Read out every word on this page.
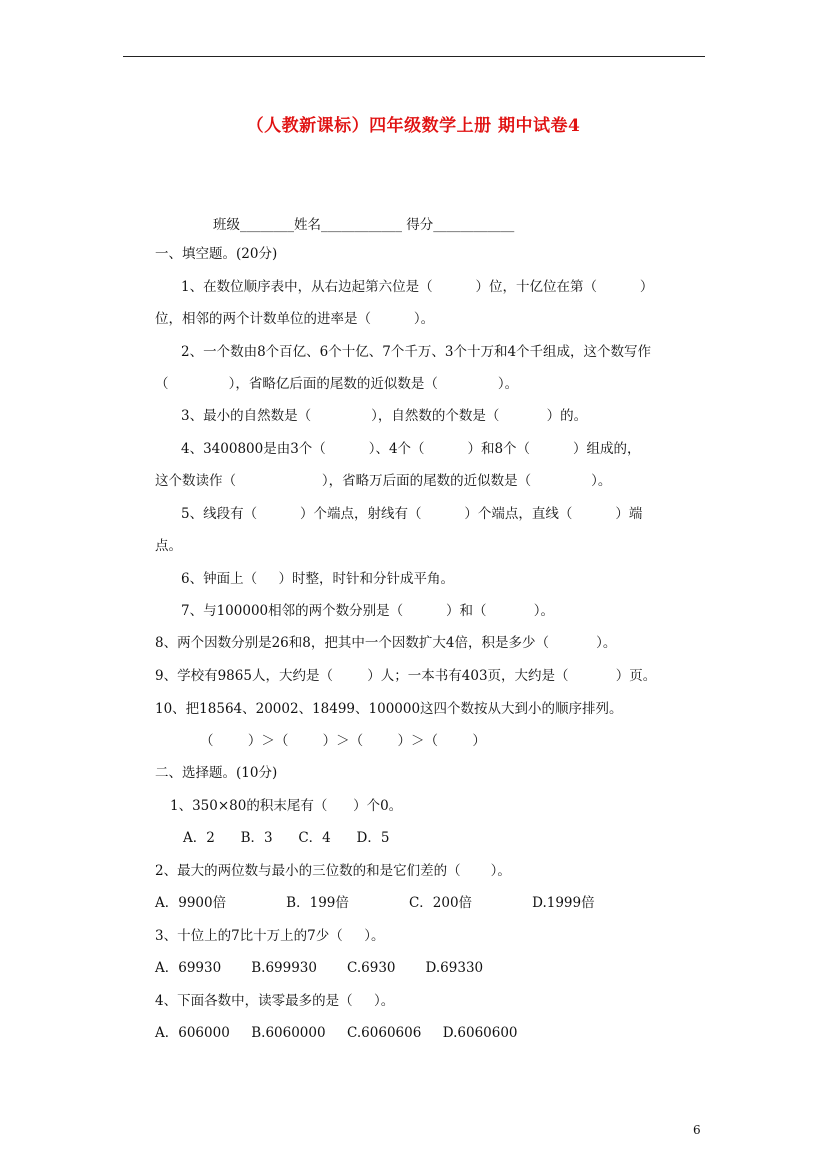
（人教新课标）四年级数学上册 期中试卷4
班级________姓名____________ 得分____________
一、填空题。(20分)
1、在数位顺序表中，从右边起第六位是（          ）位，十亿位在第（          ）
位，相邻的两个计数单位的进率是（          ）。
2、一个数由8个百亿、6个十亿、7个千万、3个十万和4个千组成，这个数写作
（              ），省略亿后面的尾数的近似数是（              ）。
3、最小的自然数是（              ），自然数的个数是（           ）的。
4、3400800是由3个（          ）、4个（          ）和8个（          ）组成的，
这个数读作（                    ），省略万后面的尾数的近似数是（              ）。
5、线段有（          ）个端点，射线有（          ）个端点，直线（          ）端
点。
6、钟面上（     ）时整，时针和分针成平角。
7、与100000相邻的两个数分别是（          ）和（           ）。
8、两个因数分别是26和8，把其中一个因数扩大4倍，积是多少（           ）。
9、学校有9865人，大约是（        ）人；一本书有403页，大约是（           ）页。
10、把18564、20002、18499、100000这四个数按从大到小的顺序排列。
（        ）＞（        ）＞（        ）＞（        ）
二、选择题。(10分)
1、350×80的积末尾有（      ）个0。
A．2      B．3      C．4      D．5
2、最大的两位数与最小的三位数的和是它们差的（       ）。
A．9900倍              B．199倍              C．200倍              D.1999倍
3、十位上的7比十万上的7少（     ）。
A．69930       B.699930       C.6930       D.69330
4、下面各数中，读零最多的是（     ）。
A．606000     B.6060000     C.6060606     D.6060600
6
